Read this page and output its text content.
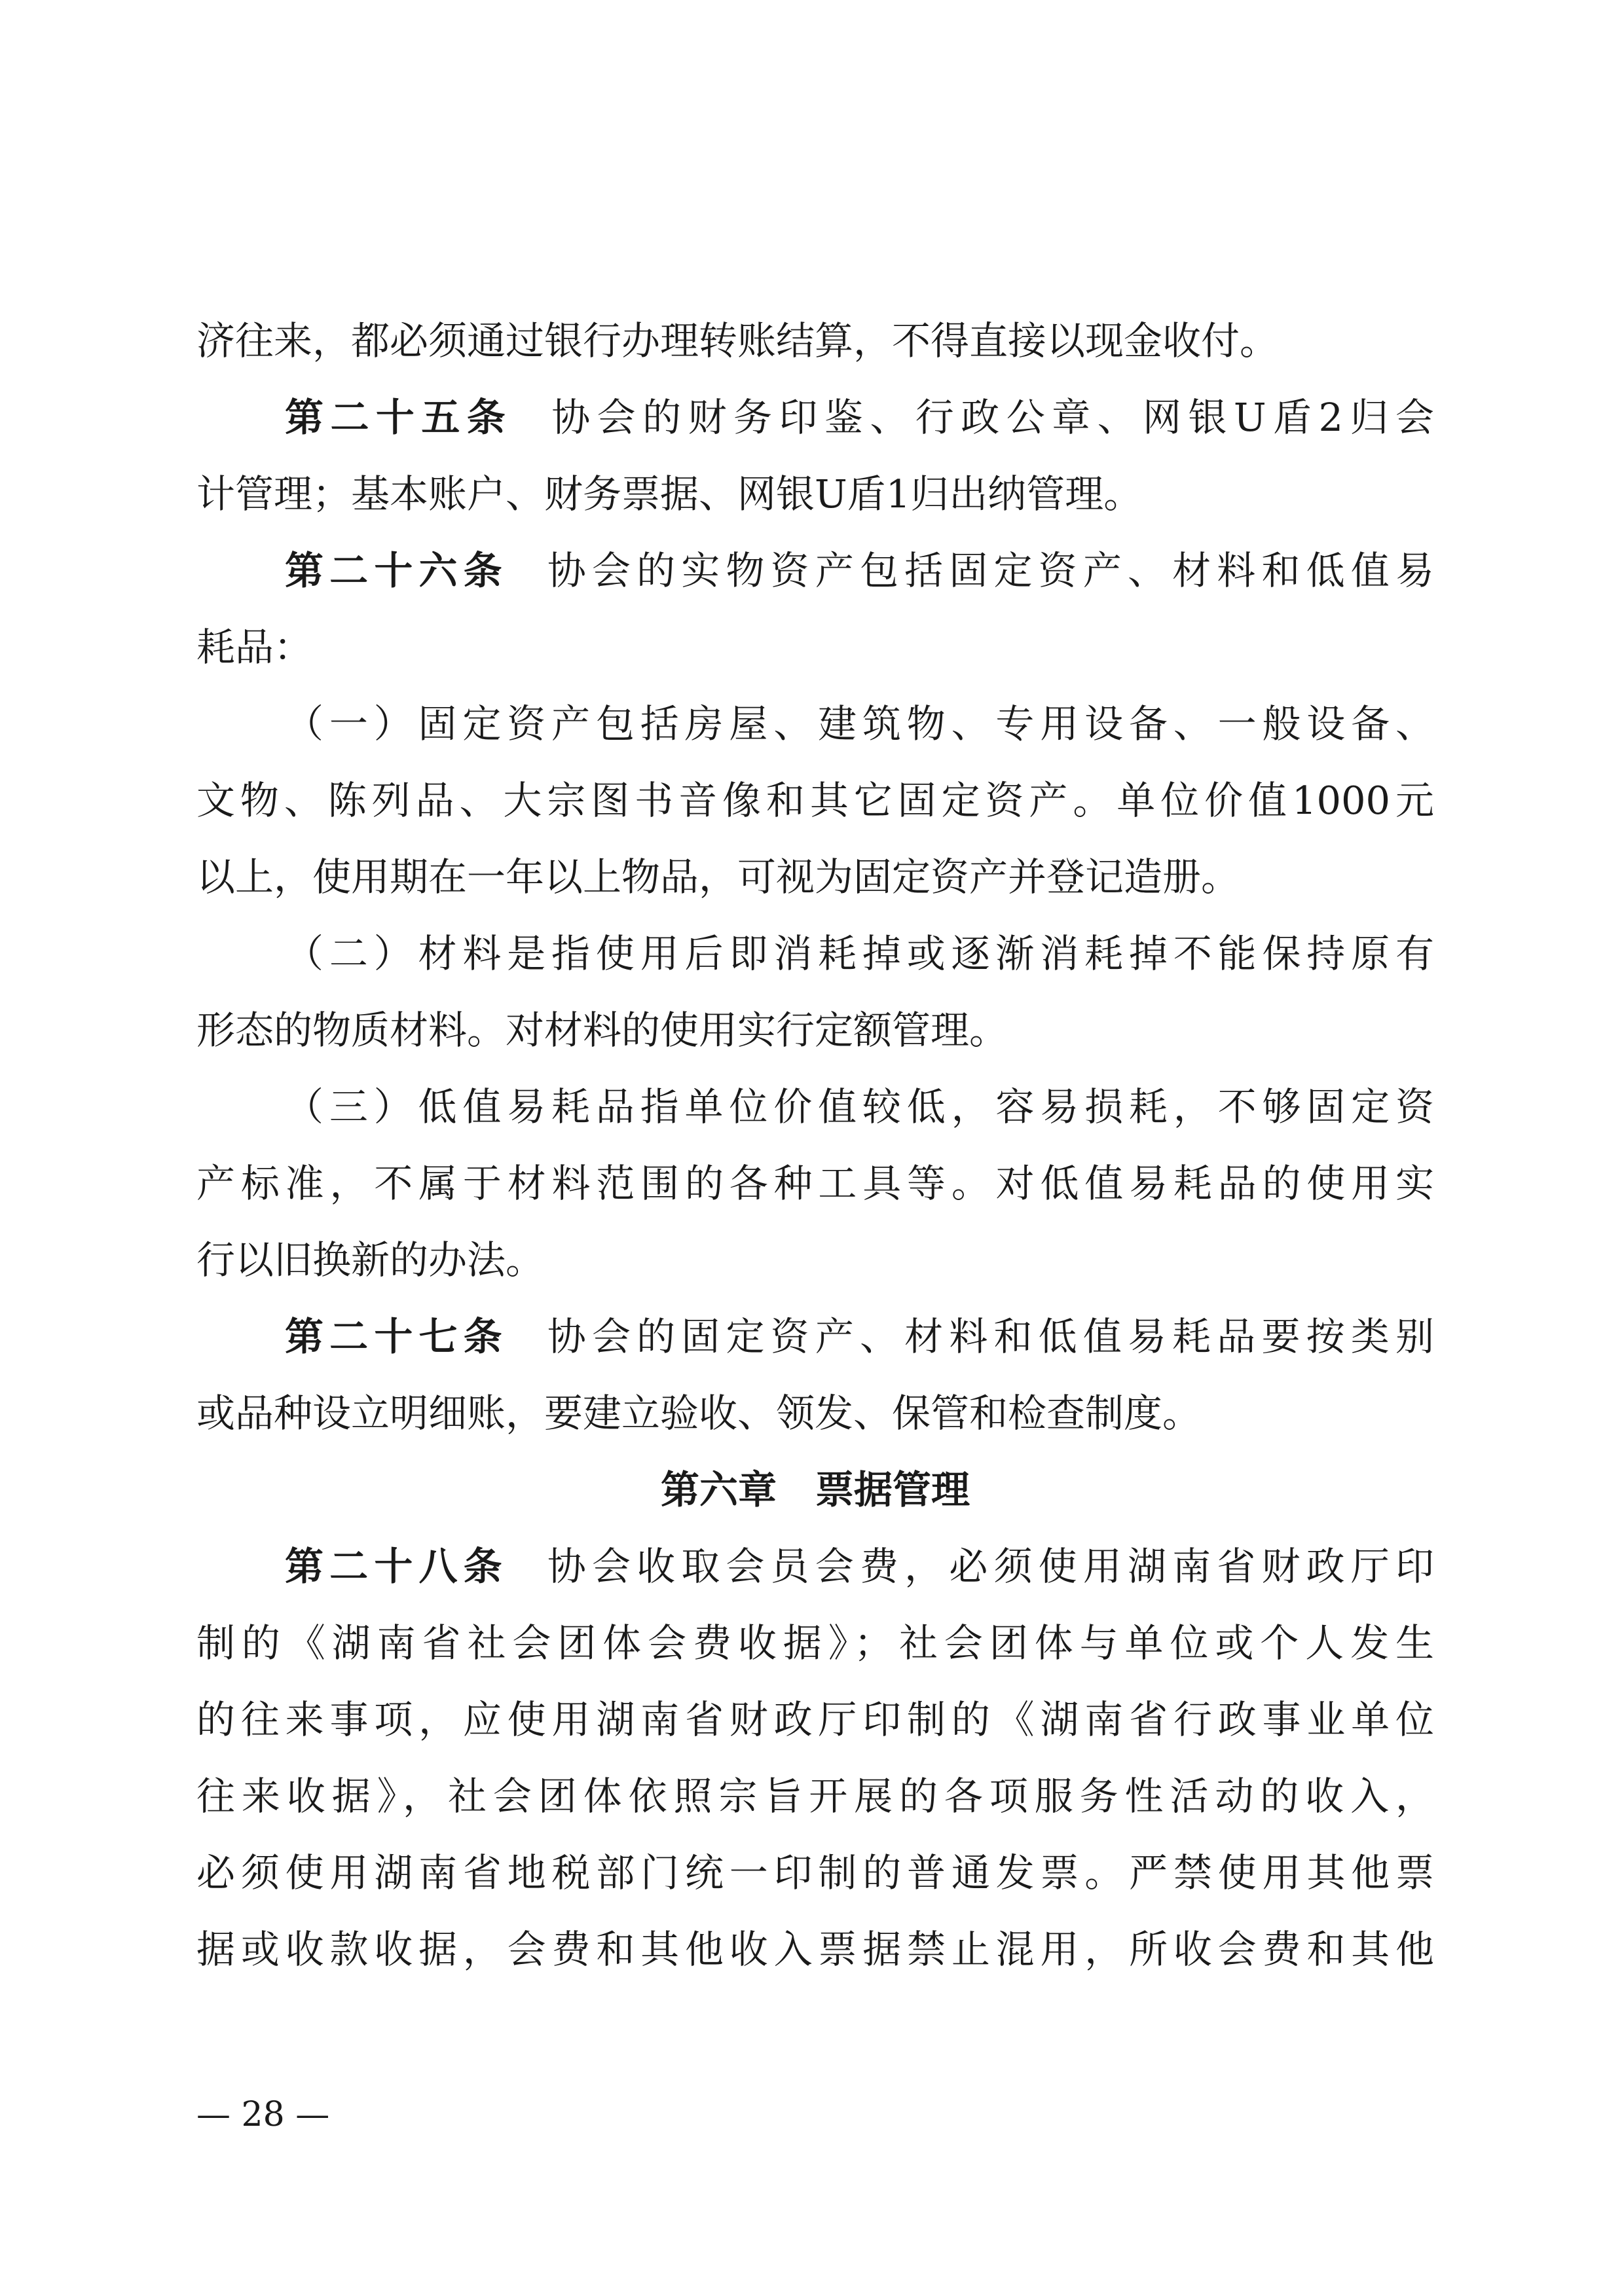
济往来，都必须通过银行办理转账结算，不得直接以现金收付。
第二十五条 协会的财务印鉴、行政公章、网银U盾2归会
计管理；基本账户、财务票据、网银U盾1归出纳管理。
第二十六条 协会的实物资产包括固定资产、材料和低值易
耗品：
（一）固定资产包括房屋、建筑物、专用设备、一般设备、
文物、陈列品、大宗图书音像和其它固定资产。单位价值1000元
以上，使用期在一年以上物品，可视为固定资产并登记造册。
（二）材料是指使用后即消耗掉或逐渐消耗掉不能保持原有
形态的物质材料。对材料的使用实行定额管理。
（三）低值易耗品指单位价值较低，容易损耗，不够固定资
产标准，不属于材料范围的各种工具等。对低值易耗品的使用实
行以旧换新的办法。
第二十七条 协会的固定资产、材料和低值易耗品要按类别
或品种设立明细账，要建立验收、领发、保管和检查制度。
第六章　票据管理
第二十八条 协会收取会员会费，必须使用湖南省财政厅印
制的《湖南省社会团体会费收据》；社会团体与单位或个人发生
的往来事项，应使用湖南省财政厅印制的《湖南省行政事业单位
往来收据》，社会团体依照宗旨开展的各项服务性活动的收入，
必须使用湖南省地税部门统一印制的普通发票。严禁使用其他票
据或收款收据，会费和其他收入票据禁止混用，所收会费和其他
— 28 —
